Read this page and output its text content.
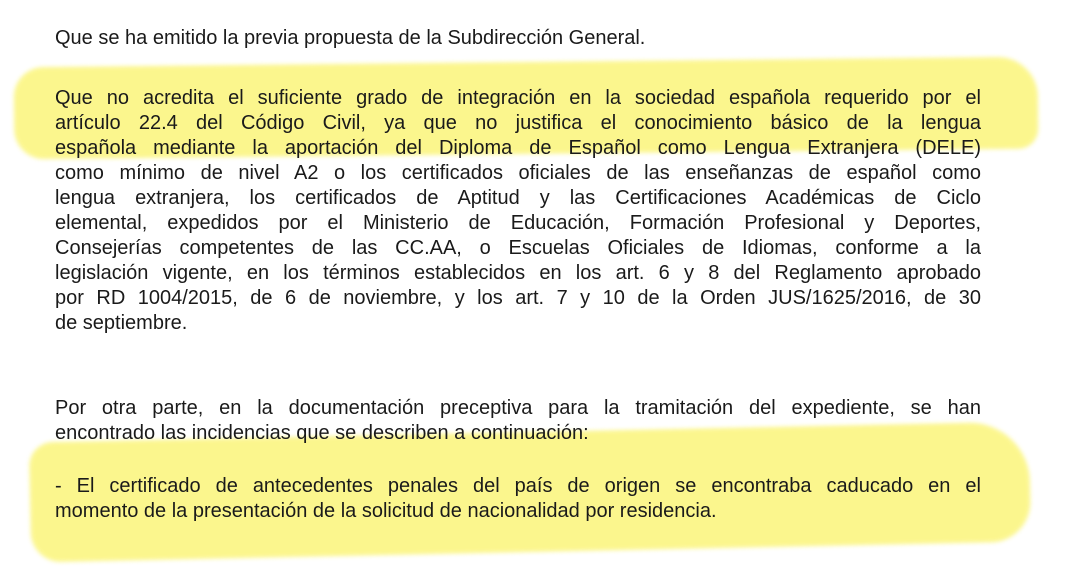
Que se ha emitido la previa propuesta de la Subdirección General.
Que no acredita el suficiente grado de integración en la sociedad española requerido por el
artículo 22.4 del Código Civil, ya que no justifica el conocimiento básico de la lengua
española mediante la aportación del Diploma de Español como Lengua Extranjera (DELE)
como mínimo de nivel A2 o los certificados oficiales de las enseñanzas de español como
lengua extranjera, los certificados de Aptitud y las Certificaciones Académicas de Ciclo
elemental, expedidos por el Ministerio de Educación, Formación Profesional y Deportes,
Consejerías competentes de las CC.AA, o Escuelas Oficiales de Idiomas, conforme a la
legislación vigente, en los términos establecidos en los art. 6 y 8 del Reglamento aprobado
por RD 1004/2015, de 6 de noviembre, y los art. 7 y 10 de la Orden JUS/1625/2016, de 30
de septiembre.
Por otra parte, en la documentación preceptiva para la tramitación del expediente, se han
encontrado las incidencias que se describen a continuación:
- El certificado de antecedentes penales del país de origen se encontraba caducado en el
momento de la presentación de la solicitud de nacionalidad por residencia.
